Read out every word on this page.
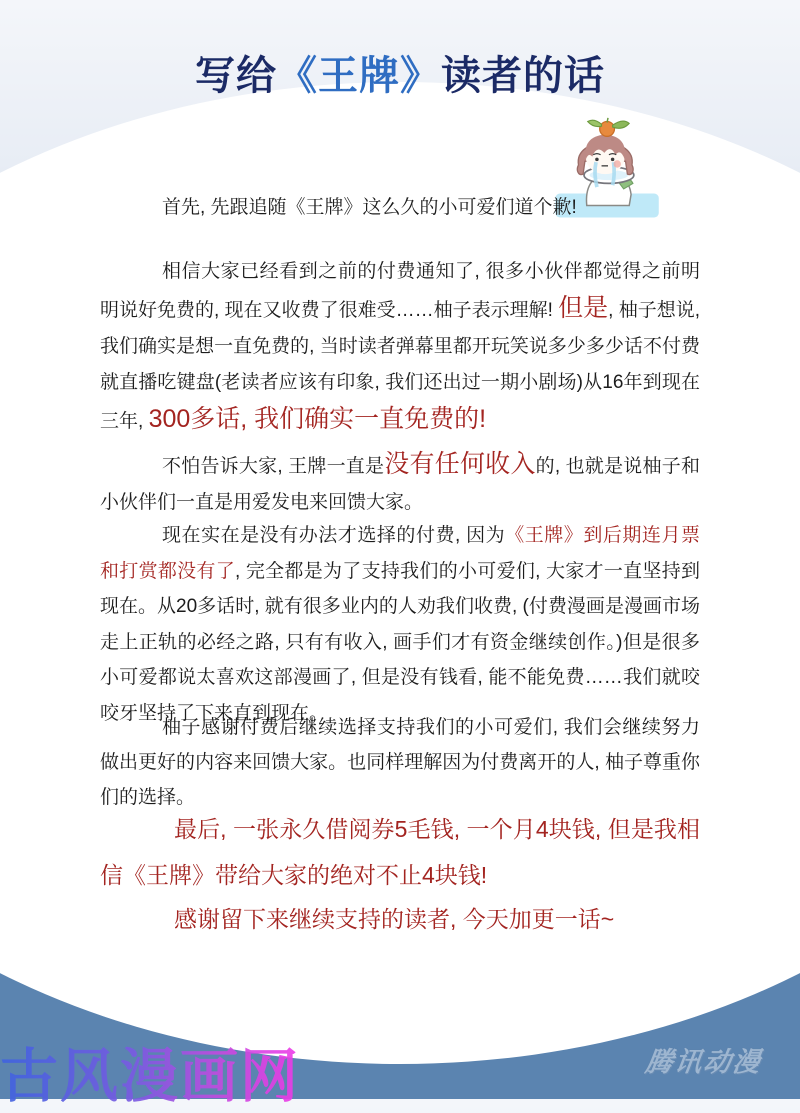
写给《王牌》读者的话

首先, 先跟追随《王牌》这么久的小可爱们道个歉!

相信大家已经看到之前的付费通知了, 很多小伙伴都觉得之前明明说好免费的, 现在又收费了很难受……柚子表示理解! 但是, 柚子想说, 我们确实是想一直免费的, 当时读者弹幕里都开玩笑说多少多少话不付费就直播吃键盘(老读者应该有印象, 我们还出过一期小剧场)从16年到现在三年, 300多话, 我们确实一直免费的!

不怕告诉大家, 王牌一直是没有任何收入的, 也就是说柚子和小伙伴们一直是用爱发电来回馈大家。

现在实在是没有办法才选择的付费, 因为《王牌》到后期连月票和打赏都没有了, 完全都是为了支持我们的小可爱们, 大家才一直坚持到现在。从20多话时, 就有很多业内的人劝我们收费, (付费漫画是漫画市场走上正轨的必经之路, 只有有收入, 画手们才有资金继续创作。)但是很多小可爱都说太喜欢这部漫画了, 但是没有钱看, 能不能免费……我们就咬咬牙坚持了下来直到现在。

柚子感谢付费后继续选择支持我们的小可爱们, 我们会继续努力做出更好的内容来回馈大家。也同样理解因为付费离开的人, 柚子尊重你们的选择。

最后, 一张永久借阅券5毛钱, 一个月4块钱, 但是我相信《王牌》带给大家的绝对不止4块钱!

感谢留下来继续支持的读者, 今天加更一话~

古风漫画网	腾讯动漫
